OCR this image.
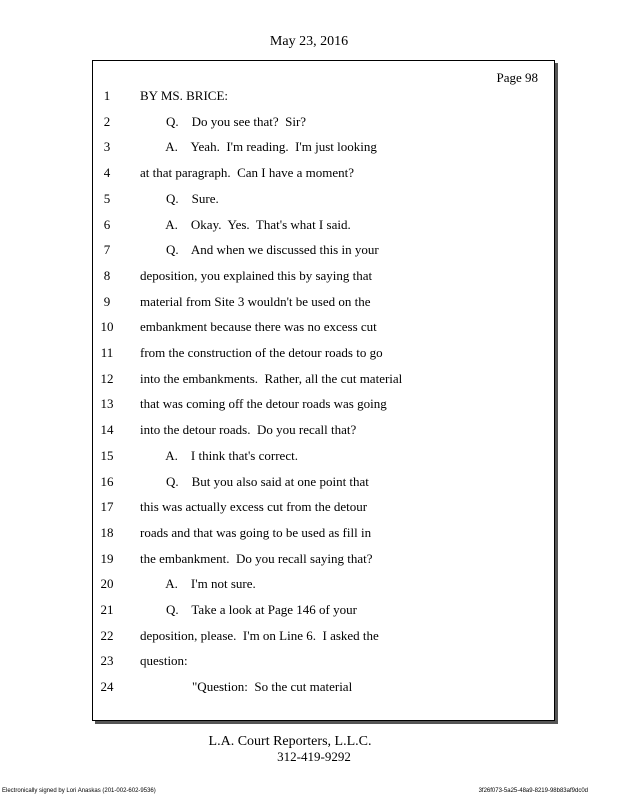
May 23, 2016
Page 98
1	BY MS. BRICE:
2	Q.    Do you see that?  Sir?
3	A.    Yeah.  I'm reading.  I'm just looking
4	at that paragraph.  Can I have a moment?
5	Q.    Sure.
6	A.    Okay.  Yes.  That's what I said.
7	Q.    And when we discussed this in your
8	deposition, you explained this by saying that
9	material from Site 3 wouldn't be used on the
10	embankment because there was no excess cut
11	from the construction of the detour roads to go
12	into the embankments.  Rather, all the cut material
13	that was coming off the detour roads was going
14	into the detour roads.  Do you recall that?
15	A.    I think that's correct.
16	Q.    But you also said at one point that
17	this was actually excess cut from the detour
18	roads and that was going to be used as fill in
19	the embankment.  Do you recall saying that?
20	A.    I'm not sure.
21	Q.    Take a look at Page 146 of your
22	deposition, please.  I'm on Line 6.  I asked the
23	question:
24	"Question:  So the cut material
L.A. Court Reporters, L.L.C.
312-419-9292
Electronically signed by Lori Anaskas (201-002-602-9536)	3f26f073-5a25-48a9-8219-98b83af9dc0d
